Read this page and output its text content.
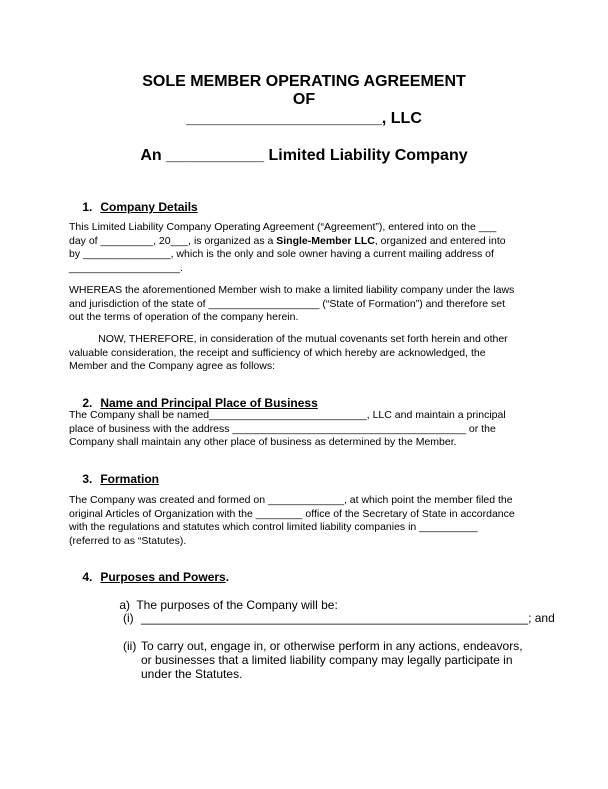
SOLE MEMBER OPERATING AGREEMENT
OF
______________________, LLC
An ___________ Limited Liability Company

1. Company Details

This Limited Liability Company Operating Agreement (“Agreement”), entered into on the ___
day of _________, 20___, is organized as a Single-Member LLC, organized and entered into
by _______________, which is the only and sole owner having a current mailing address of
___________________.
WHEREAS the aforementioned Member wish to make a limited liability company under the laws
and jurisdiction of the state of ___________________ (“State of Formation”) and therefore set
out the terms of operation of the company herein.
NOW, THEREFORE, in consideration of the mutual covenants set forth herein and other
valuable consideration, the receipt and sufficiency of which hereby are acknowledged, the
Member and the Company agree as follows:

2. Name and Principal Place of Business

The Company shall be named___________________________, LLC and maintain a principal
place of business with the address ________________________________________ or the
Company shall maintain any other place of business as determined by the Member.

3. Formation

The Company was created and formed on _____________, at which point the member filed the
original Articles of Organization with the ________ office of the Secretary of State in accordance
with the regulations and statutes which control limited liability companies in __________
(referred to as “Statutes).

4. Purposes and Powers.

a) The purposes of the Company will be:

(i) __________________________________________________________; and
(ii) To carry out, engage in, or otherwise perform in any actions, endeavors,
or businesses that a limited liability company may legally participate in
under the Statutes.
